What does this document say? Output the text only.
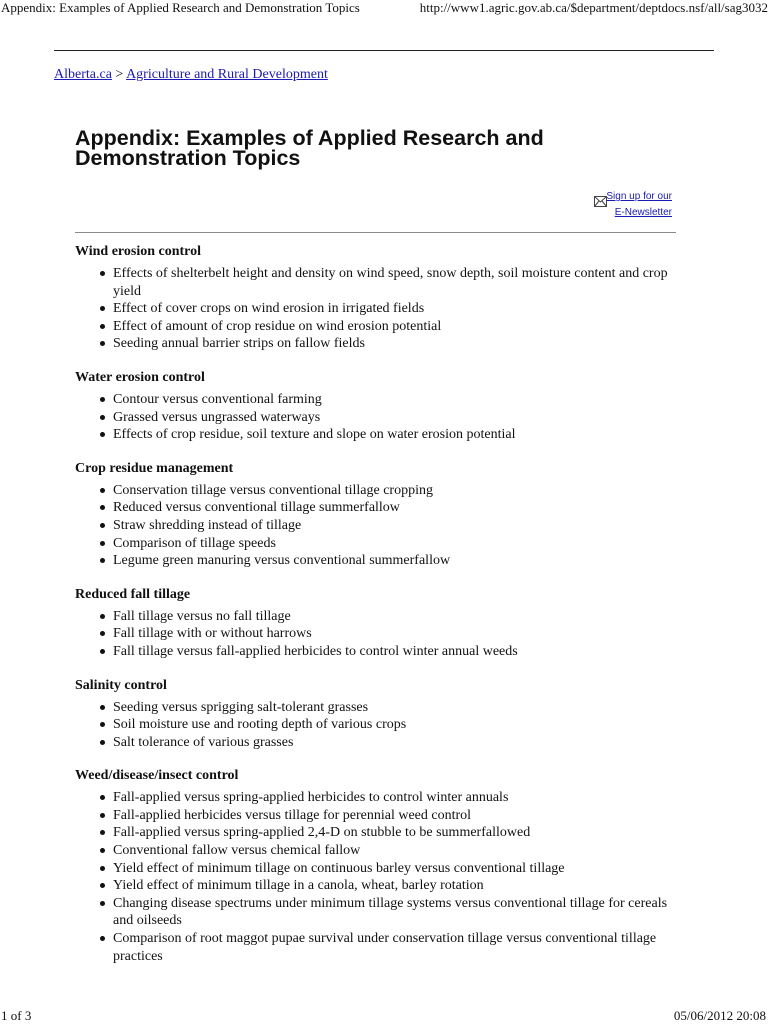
Appendix: Examples of Applied Research and Demonstration Topics	http://www1.agric.gov.ab.ca/$department/deptdocs.nsf/all/sag3032
Alberta.ca > Agriculture and Rural Development
Appendix: Examples of Applied Research and Demonstration Topics
Sign up for our
E-Newsletter
Wind erosion control
Effects of shelterbelt height and density on wind speed, snow depth, soil moisture content and crop yield
Effect of cover crops on wind erosion in irrigated fields
Effect of amount of crop residue on wind erosion potential
Seeding annual barrier strips on fallow fields
Water erosion control
Contour versus conventional farming
Grassed versus ungrassed waterways
Effects of crop residue, soil texture and slope on water erosion potential
Crop residue management
Conservation tillage versus conventional tillage cropping
Reduced versus conventional tillage summerfallow
Straw shredding instead of tillage
Comparison of tillage speeds
Legume green manuring versus conventional summerfallow
Reduced fall tillage
Fall tillage versus no fall tillage
Fall tillage with or without harrows
Fall tillage versus fall-applied herbicides to control winter annual weeds
Salinity control
Seeding versus sprigging salt-tolerant grasses
Soil moisture use and rooting depth of various crops
Salt tolerance of various grasses
Weed/disease/insect control
Fall-applied versus spring-applied herbicides to control winter annuals
Fall-applied herbicides versus tillage for perennial weed control
Fall-applied versus spring-applied 2,4-D on stubble to be summerfallowed
Conventional fallow versus chemical fallow
Yield effect of minimum tillage on continuous barley versus conventional tillage
Yield effect of minimum tillage in a canola, wheat, barley rotation
Changing disease spectrums under minimum tillage systems versus conventional tillage for cereals and oilseeds
Comparison of root maggot pupae survival under conservation tillage versus conventional tillage practices
1 of 3	05/06/2012 20:08
